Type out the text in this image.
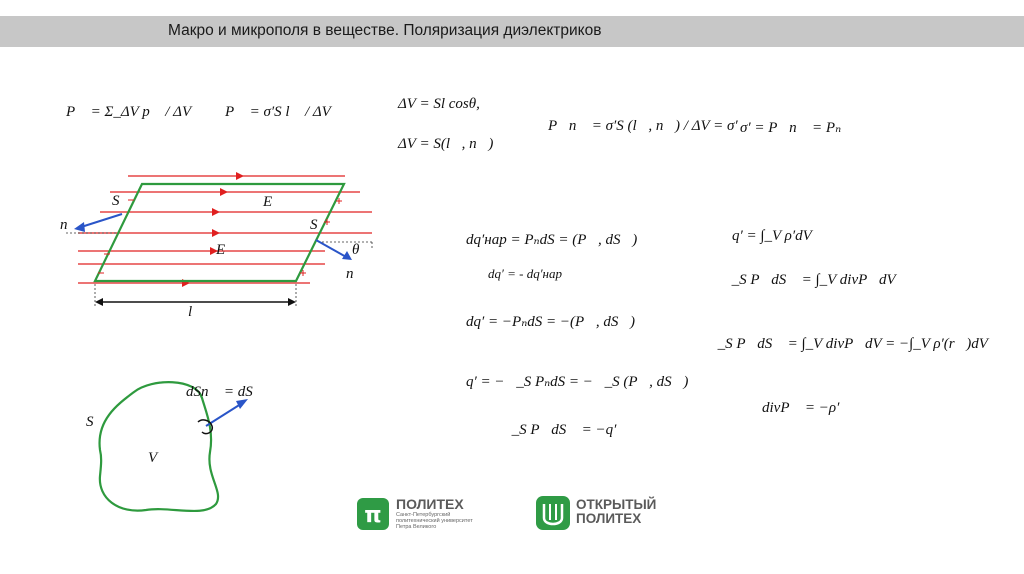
Макро и микрополя в веществе. Поляризация диэлектриков
P⃗ = Σ_ΔV p⃗ / ΔV P⃗ = σ′S l⃗ / ΔV	ΔV = Sl cosθ,
ΔV = S(l⃗, n⃗)
P⃗n⃗ = σ′S (l⃗, n⃗) / ΔV = σ′ σ′ = P⃗n⃗ = Pₙ
dq′нар = PₙdS = (P⃗, dS⃗)
dq′ = - dq′нар
dq′ = −PₙdS = −(P⃗, dS⃗)
q′ = −∮_S PₙdS = −∮_S (P⃗, dS⃗)
∮_S P⃗dS⃗ = −q′
q′ = ∫_V ρ′dV
∮_S P⃗dS⃗ = ∫_V divP⃗dV
∮_S P⃗dS⃗ = ∫_V divP⃗dV = −∫_V ρ′(r⃗)dV
divP⃗ = −ρ′
S
S
E⃗
E⃗
n⃗
n⃗
θ
l
S
V
dSn⃗ = dS⃗
π ПОЛИТЕХ
Санкт-Петербургский
политехнический университет
Петра Великого
ОТКРЫТЫЙ
ПОЛИТЕХ
